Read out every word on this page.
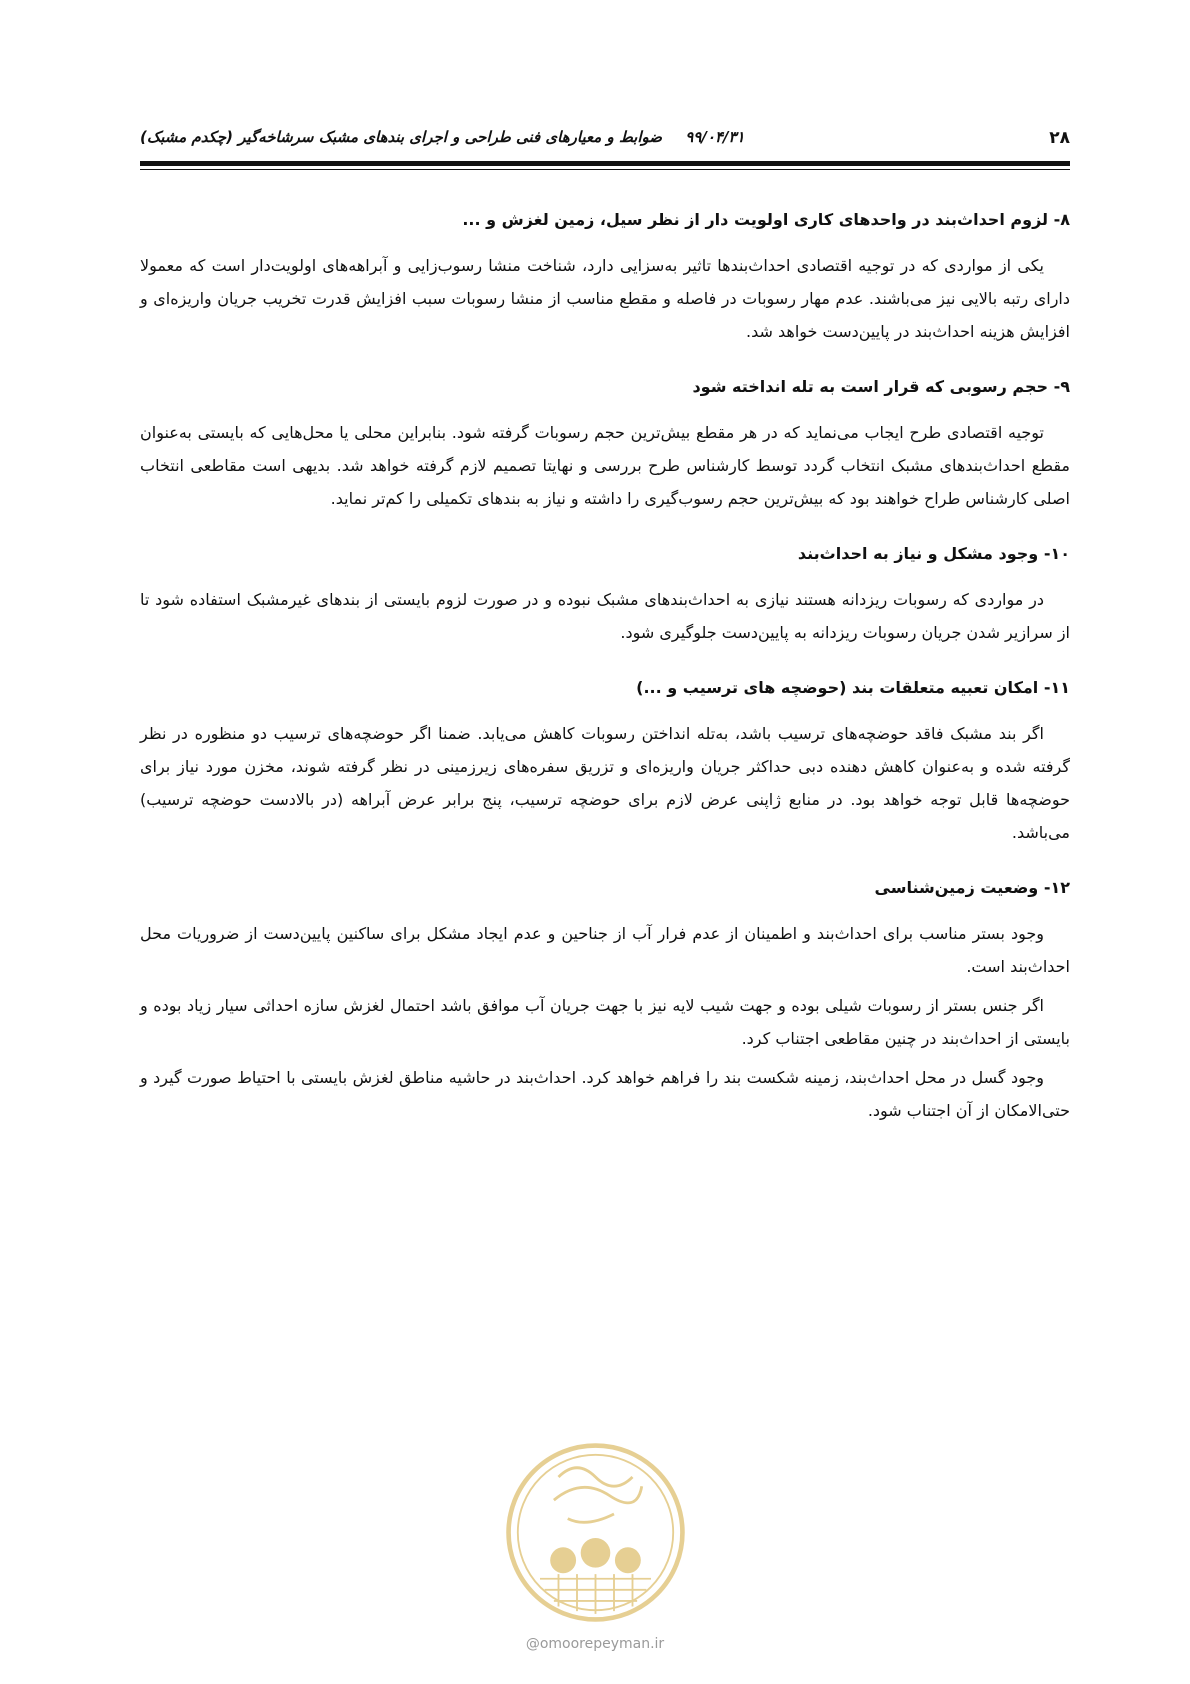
۹۹/۰۴/۳۱ ضوابط و معیارهای فنی طراحی و اجرای بندهای مشبک سرشاخه‌گیر (چکدم مشبک)	۲۸
۸- لزوم احداث‌بند در واحدهای کاری اولویت دار از نظر سیل، زمین لغزش و ...

یکی از مواردی که در توجیه اقتصادی احداث‌بندها تاثیر به‌سزایی دارد، شناخت منشا رسوب‌زایی و آبراهه‌های اولویت‌دار است که معمولا دارای رتبه بالایی نیز می‌باشند. عدم مهار رسوبات در فاصله و مقطع مناسب از منشا رسوبات سبب افزایش قدرت تخریب جریان واریزه‌ای و افزایش هزینه احداث‌بند در پایین‌دست خواهد شد.

۹- حجم رسوبی که قرار است به تله انداخته شود

توجیه اقتصادی طرح ایجاب می‌نماید که در هر مقطع بیش‌ترین حجم رسوبات گرفته شود. بنابراین محلی یا محل‌هایی که بایستی به‌عنوان مقطع احداث‌بندهای مشبک انتخاب گردد توسط کارشناس طرح بررسی و نهایتا تصمیم لازم گرفته خواهد شد. بدیهی است مقاطعی انتخاب اصلی کارشناس طراح خواهند بود که بیش‌ترین حجم رسوب‌گیری را داشته و نیاز به بندهای تکمیلی را کم‌تر نماید.

۱۰- وجود مشکل و نیاز به احداث‌بند

در مواردی که رسوبات ریزدانه هستند نیازی به احداث‌بندهای مشبک نبوده و در صورت لزوم بایستی از بندهای غیرمشبک استفاده شود تا از سرازیر شدن جریان رسوبات ریزدانه به پایین‌دست جلوگیری شود.

۱۱- امکان تعبیه متعلقات بند (حوضچه های ترسیب و ...)

اگر بند مشبک فاقد حوضچه‌های ترسیب باشد، به‌تله انداختن رسوبات کاهش می‌یابد. ضمنا اگر حوضچه‌های ترسیب دو منظوره در نظر گرفته شده و به‌عنوان کاهش دهنده دبی حداکثر جریان واریزه‌ای و تزریق سفره‌های زیرزمینی در نظر گرفته شوند، مخزن مورد نیاز برای حوضچه‌ها قابل توجه خواهد بود. در منابع ژاپنی عرض لازم برای حوضچه ترسیب، پنج برابر عرض آبراهه (در بالادست حوضچه ترسیب) می‌باشد.

۱۲- وضعیت زمین‌شناسی

وجود بستر مناسب برای احداث‌بند و اطمینان از عدم فرار آب از جناحین و عدم ایجاد مشکل برای ساکنین پایین‌دست از ضروریات محل احداث‌بند است.

اگر جنس بستر از رسوبات شیلی بوده و جهت شیب لایه نیز با جهت جریان آب موافق باشد احتمال لغزش سازه احداثی سیار زیاد بوده و بایستی از احداث‌بند در چنین مقاطعی اجتناب کرد.

وجود گسل در محل احداث‌بند، زمینه شکست بند را فراهم خواهد کرد. احداث‌بند در حاشیه مناطق لغزش بایستی با احتیاط صورت گیرد و حتی‌الامکان از آن اجتناب شود.

@omoorepeyman.ir
